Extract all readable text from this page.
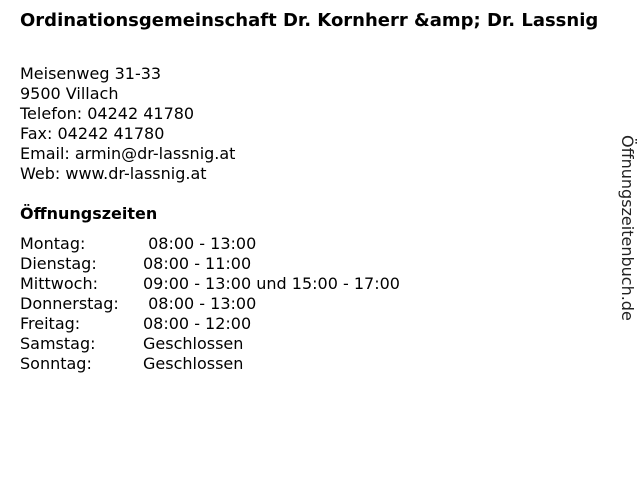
Ordinationsgemeinschaft Dr. Kornherr &amp; Dr. Lassnig
Meisenweg 31-33
9500 Villach
Telefon: 04242 41780
Fax: 04242 41780
Email: armin@dr-lassnig.at
Web: www.dr-lassnig.at
Öffnungszeiten
Montag:	08:00 - 13:00
Dienstag:	08:00 - 11:00
Mittwoch:	09:00 - 13:00 und 15:00 - 17:00
Donnerstag:	08:00 - 13:00
Freitag:	08:00 - 12:00
Samstag:	Geschlossen
Sonntag:	Geschlossen
Öffnungszeitenbuch.de
